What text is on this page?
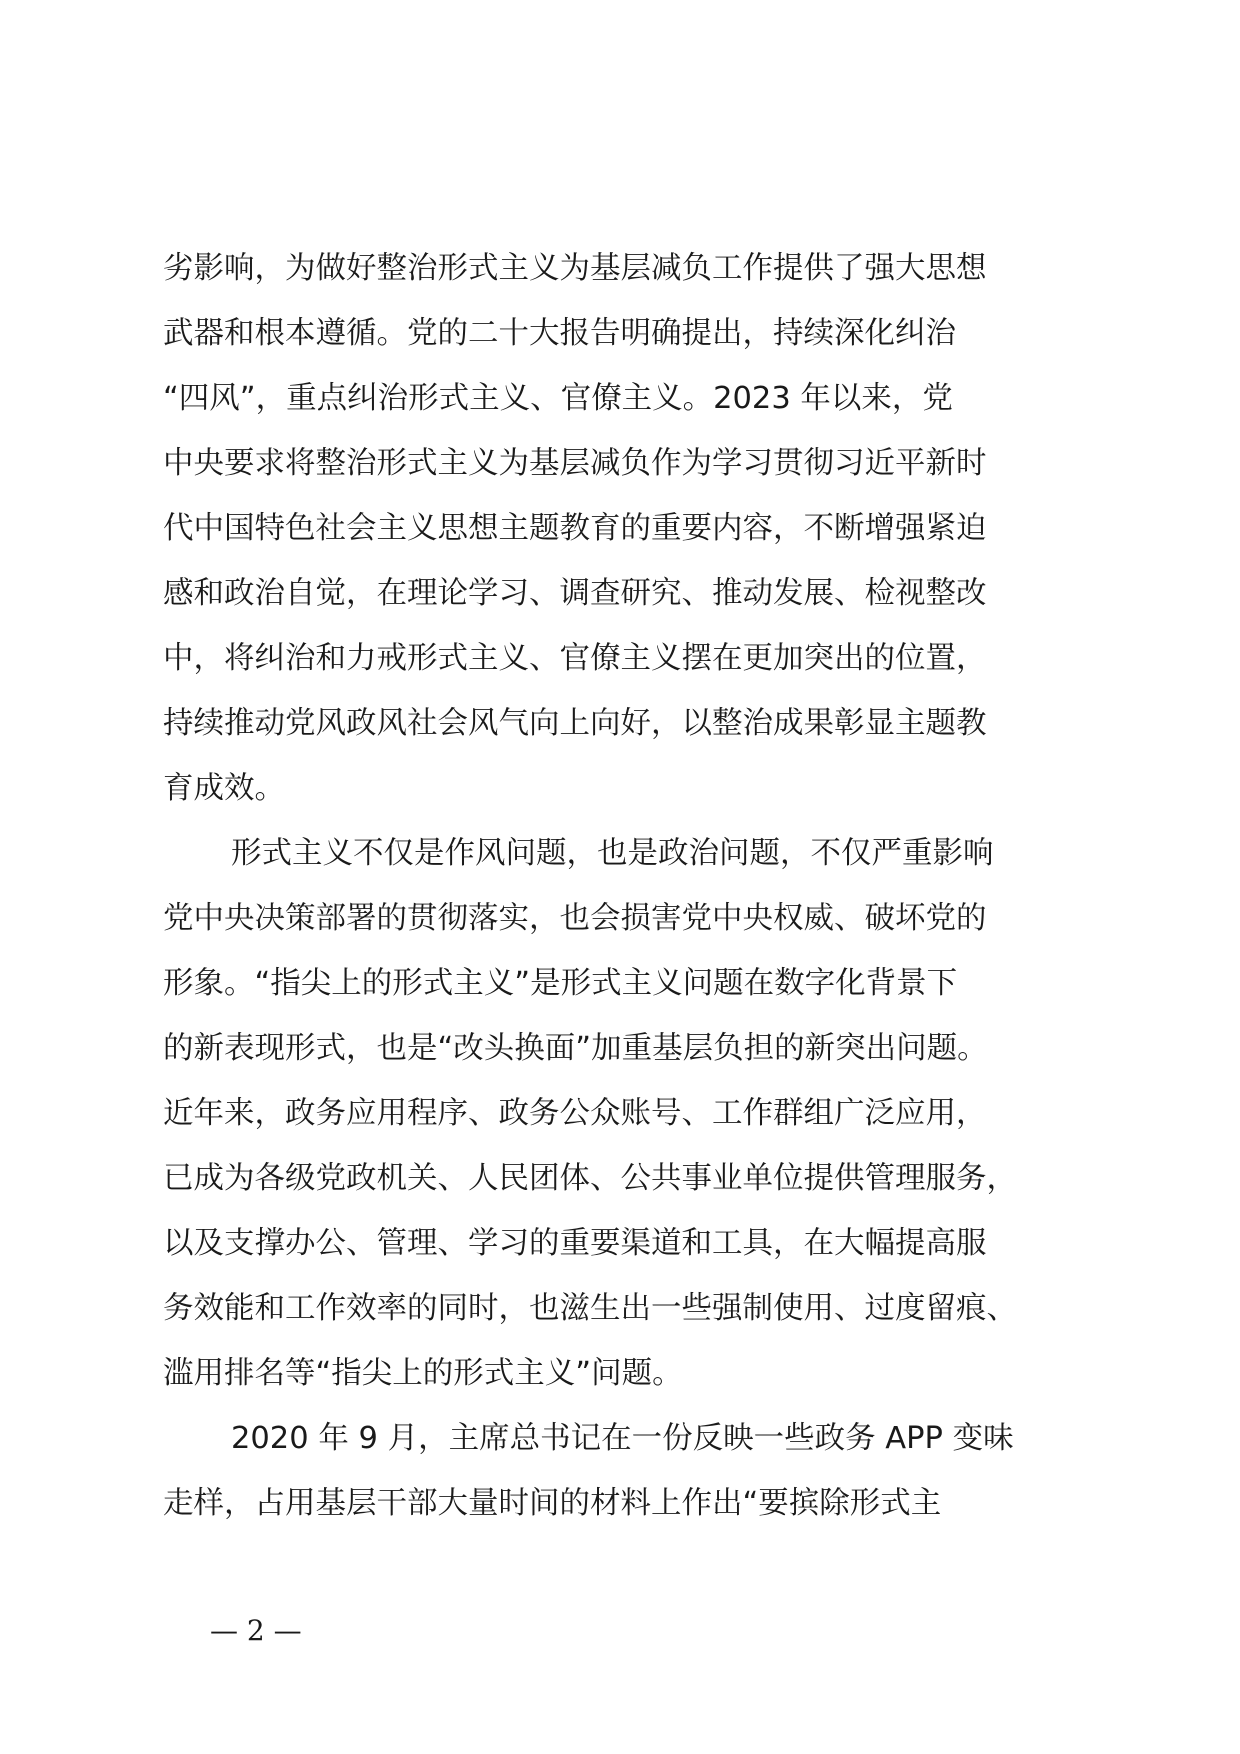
劣影响，为做好整治形式主义为基层减负工作提供了强大思想
武器和根本遵循。党的二十大报告明确提出，持续深化纠治
“四风”，重点纠治形式主义、官僚主义。2023 年以来，党
中央要求将整治形式主义为基层减负作为学习贯彻习近平新时
代中国特色社会主义思想主题教育的重要内容，不断增强紧迫
感和政治自觉，在理论学习、调查研究、推动发展、检视整改
中，将纠治和力戒形式主义、官僚主义摆在更加突出的位置，
持续推动党风政风社会风气向上向好，以整治成果彰显主题教
育成效。
形式主义不仅是作风问题，也是政治问题，不仅严重影响
党中央决策部署的贯彻落实，也会损害党中央权威、破坏党的
形象。“指尖上的形式主义”是形式主义问题在数字化背景下
的新表现形式，也是“改头换面”加重基层负担的新突出问题。
近年来，政务应用程序、政务公众账号、工作群组广泛应用，
已成为各级党政机关、人民团体、公共事业单位提供管理服务，
以及支撑办公、管理、学习的重要渠道和工具，在大幅提高服
务效能和工作效率的同时，也滋生出一些强制使用、过度留痕、
滥用排名等“指尖上的形式主义”问题。
2020 年 9 月，主席总书记在一份反映一些政务 APP 变味
走样，占用基层干部大量时间的材料上作出“要摈除形式主
— 2 —
